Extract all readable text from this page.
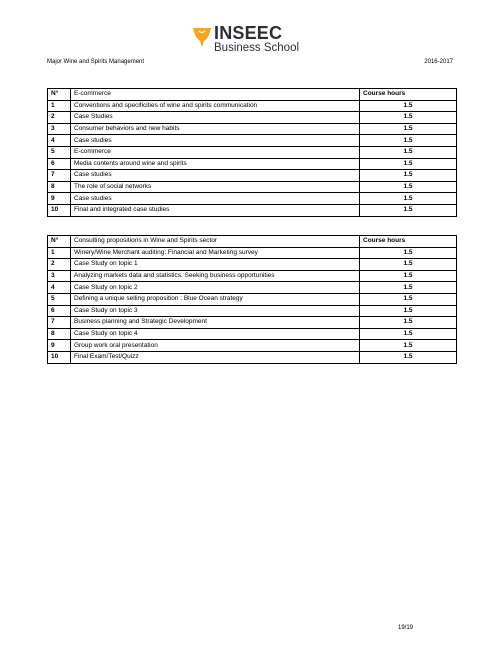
INSEEC
Business School
Major Wine and Spirits Management	2016-2017
N°	E-commerce	Course hours
1	Conventions and specificities of wine and spirits communication	1.5
2	Case Studies	1.5
3	Consumer behaviors and new habits	1.5
4	Case studies	1.5
5	E-commerce	1.5
6	Media contents around wine and spirits	1.5
7	Case studies	1.5
8	The role of social networks	1.5
9	Case studies	1.5
10	Final and integrated case studies	1.5
N°	Consulting propositions in Wine and Spirits sector	Course hours
1	Winery/Wine Merchant auditing: Financial and Marketing survey	1.5
2	Case Study on topic 1	1.5
3	Analyzing markets data and statistics. Seeking business opportunities	1.5
4	Case Study on topic 2	1.5
5	Defining a unique selling proposition : Blue Ocean strategy	1.5
6	Case Study on topic 3	1.5
7	Business planning and Strategic Development	1.5
8	Case Study on topic 4	1.5
9	Group work oral presentation	1.5
10	Final Exam/Test/Quizz	1.5
19/19
